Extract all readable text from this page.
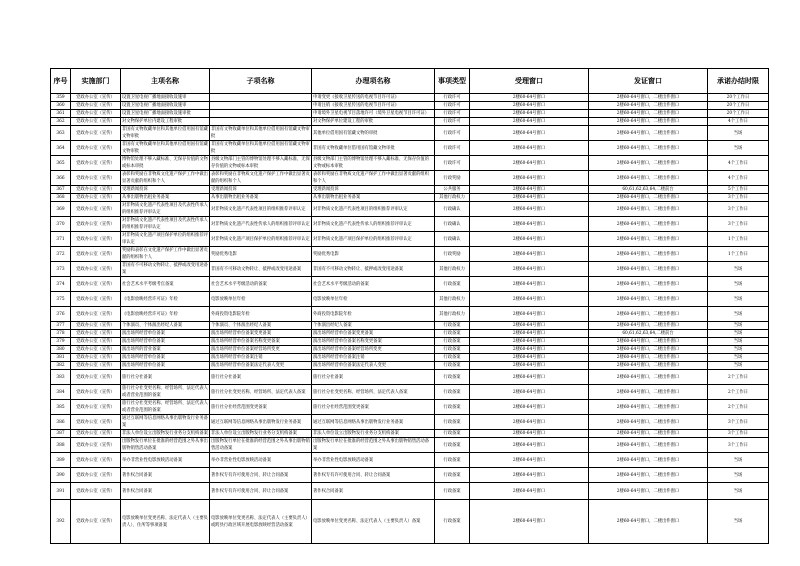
序号	实施部门	主项名称	子项名称	办理项名称	事项类型	受理窗口	发证窗口	承诺办结时限
359	党政办公室（宣传）	设置卫星电视广播地面接收设施审		申请变更《接收卫星传送的电视节目许可证》	行政许可	2楼60-64号窗口	2楼60-64号窗口，二楼出件窗口	20个工作日
360	党政办公室（宣传）	设置卫星电视广播地面接收设施审		申请注销《接收卫星传送的电视节目许可证》	行政许可	2楼60-64号窗口	2楼60-64号窗口，二楼出件窗口	20个工作日
361	党政办公室（宣传）	设置卫星电视广播地面接收设施审批		申请境外卫星电视节目落地许可（境外卫星电视节目许可证）	行政许可	2楼60-64号窗口	2楼60-64号窗口，二楼出件窗口	20个工作日
362	党政办公室（宣传）	对文物保护单位内建设工程审批		对文物保护单位建设工程的审批	行政许可	2楼60-64号窗口	2楼60-64号窗口，二楼出件窗口	4个工作日
363	党政办公室（宣传）	非国有文物收藏单位和其他单位借用国有馆藏文物审批	非国有文物收藏单位和其他单位借用国有馆藏文物审批	其他单位借用国有馆藏文物的审批	行政许可	2楼60-64号窗口	2楼60-64号窗口，二楼出件窗口	当场
364	党政办公室（宣传）	非国有文物收藏单位和其他单位借用国有馆藏文物审批	非国有文物收藏单位和其他单位借用国有馆藏文物审批	非国有文物收藏单位借用国有馆藏文物审批	行政许可	2楼60-64号窗口	2楼60-64号窗口，二楼出件窗口	当场
365	党政办公室（宣传）	博物馆处理不够入藏标准、无保存价值的文物或标本审批	县级文物部门主管的博物馆处理不够入藏标准、无保存价值的文物或标本审批	县级文物部门主管的博物馆处理不够入藏标准、无保存价值的文物或标本审批	行政许可	2楼60-64号窗口	2楼60-64号窗口，二楼出件窗口	4个工作日
366	党政办公室（宣传）	表彰和奖励在非物质文化遗产保护工作中做出显著贡献的组织和个人	表彰和奖励在非物质文化遗产保护工作中做出显著贡献的组织和个人	表彰和奖励在非物质文化遗产保护工作中做出显著贡献的组织和个人	行政奖励	2楼60-64号窗口	2楼60-64号窗口，二楼出件窗口	4个工作日
367	党政办公室（宣传）	受理新闻投诉	受理新闻投诉	受理新闻投诉	公共服务	2楼60-64号窗口	60,61,62,63,64,二楼前台	5个工作日
368	党政办公室（宣传）	从事出版物出租业务备案	从事出版物出租业务备案	从事出版物出租业务备案	其他行政权力	2楼60-64号窗口	2楼60-64号窗口，二楼出件窗口	3个工作日
369	党政办公室（宣传）	对非物质文化遗产代表性项目及代表性传承人的组织推荐评审认定	对非物质文化遗产代表性项目的组织推荐评审认定	对非物质文化遗产代表性项目的组织推荐评审认定	行政确认	2楼60-64号窗口	2楼60-64号窗口，二楼出件窗口	3个工作日
370	党政办公室（宣传）	对非物质文化遗产代表性项目及代表性传承人的组织推荐评审认定	对非物质文化遗产代表性传承人的组织推荐评审认定	对非物质文化遗产代表性传承人的组织推荐评审认定	行政确认	2楼60-64号窗口	2楼60-64号窗口，二楼出件窗口	3个工作日
371	党政办公室（宣传）	对非物质文化遗产项目保护单位的组织推荐评审认定	对非物质文化遗产项目保护单位的组织推荐评审认定	对非物质文化遗产项目保护单位的组织推荐评审认定	行政确认	2楼60-64号窗口	2楼60-64号窗口，二楼出件窗口	1个工作日
372	党政办公室（宣传）	奖励和表彰在文化遗产保护工作中做出显著贡献的组织和个人	奖励优秀电影	奖励优秀电影	行政奖励	2楼60-64号窗口	2楼60-64号窗口，二楼出件窗口	1个工作日
373	党政办公室（宣传）	非国有不可移动文物转让、抵押或改变用途备案	非国有不可移动文物转让、抵押或改变用途备案	非国有不可移动文物转让、抵押或改变用途备案	其他行政权力	2楼60-64号窗口	2楼60-64号窗口，二楼出件窗口	当场
374	党政办公室（宣传）	社会艺术水平考级考官备案	社会艺术水平考级活动的备案	社会艺术水平考级活动的备案	行政备案	2楼60-64号窗口	2楼60-64号窗口，二楼出件窗口	当场
375	党政办公室（宣传）	《电影放映经营许可证》年检	电影放映单位年检	电影放映单位年检	其他行政权力	2楼60-64号窗口	2楼60-64号窗口，二楼出件窗口	当场
376	党政办公室（宣传）	《电影放映经营许可证》年检	外商投资电影院年检	外商投资电影院年检	其他行政权力	2楼60-64号窗口	2楼60-64号窗口，二楼出件窗口	当场
377	党政办公室（宣传）	个体演员、个体演出经纪人备案	个体演员、个体演出经纪人备案	个体演出经纪人备案	行政备案	2楼60-64号窗口	2楼60-64号窗口，二楼出件窗口	当场
378	党政办公室（宣传）	演出场所经营单位备案	演出场所经营单位备案变更备案	演出场所经营单位备案变更备案	行政备案	2楼60-64号窗口	60,61,62,63,64,二楼前台	当场
379	党政办公室（宣传）	演出场所经营单位备案	演出场所经营单位备案名称变更备案	演出场所经营单位备案名称变更备案	行政备案	2楼60-64号窗口	2楼60-64号窗口，二楼出件窗口	当场
380	党政办公室（宣传）	演出场所的营业备案	演出场所经营单位备案经营场所变更	演出场所经营单位备案经营场所变更	行政备案	2楼60-64号窗口	2楼60-64号窗口，二楼出件窗口	当场
381	党政办公室（宣传）	演出场所经营单位备案	演出场所经营单位备案注销	演出场所经营单位备案注销	行政备案	2楼60-64号窗口	2楼60-64号窗口，二楼出件窗口	当场
382	党政办公室（宣传）	演出场所经营单位备案	演出场所经营单位备案法定代表人变更	演出场所经营单位备案法定代表人变更	行政备案	2楼60-64号窗口	2楼60-64号窗口，二楼出件窗口	当场
383	党政办公室（宣传）	旅行社分社备案	旅行社分社备案	旅行社分社备案	行政备案	2楼60-64号窗口	2楼60-64号窗口，二楼出件窗口	2个工作日
384	党政办公室（宣传）	旅行社分社变更名称、经营场所、法定代表人或者营业范围的备案	旅行社分社变更名称、经营场所、法定代表人备案	旅行社分社变更名称、经营场所、法定代表人备案	行政备案	2楼60-64号窗口	2楼60-64号窗口，二楼出件窗口	2个工作日
385	党政办公室（宣传）	旅行社分社变更名称、经营场所、法定代表人或者营业范围的备案	旅行社分社经营范围变更备案	旅行社分社经营范围变更备案	行政备案	2楼60-64号窗口	2楼60-64号窗口，二楼出件窗口	2个工作日
386	党政办公室（宣传）	通过互联网等信息网络从事出版物发行业务备案	通过互联网等信息网络从事出版物发行业务备案	通过互联网等信息网络从事出版物发行业务备案	行政备案	2楼60-64号窗口	2楼60-64号窗口，二楼出件窗口	3个工作日
387	党政办公室（宣传）	非法人单位设立出版物发行业务分支机构备案	非法人单位设立出版物发行业务分支机构备案	非法人单位设立出版物发行业务分支机构备案	行政备案	2楼60-64号窗口	2楼60-64号窗口，二楼出件窗口	3个工作日
388	党政办公室（宣传）	出版物发行单位在批准的经营范围之外从事出版物销售活动备案	出版物发行单位在批准的经营范围之外从事出版物销售活动备案	出版物发行单位在批准的经营范围之外从事出版物销售活动备案	行政备案	2楼60-64号窗口	2楼60-64号窗口，二楼出件窗口	3个工作日
389	党政办公室（宣传）	举办非营业性电影放映活动备案	举办非营业性电影放映活动备案	举办非营业性电影放映活动备案	行政备案	2楼60-64号窗口	2楼60-64号窗口，二楼出件窗口	当场
390	党政办公室（宣传）	著作权合同备案	著作权专有许可使用合同、转让合同备案	著作权专有许可使用合同、转让合同备案	行政备案	2楼60-64号窗口	2楼60-64号窗口，二楼出件窗口	当场
391	党政办公室（宣传）	著作权合同备案	著作权专有许可使用合同、转让合同备案	著作权合同备案	行政备案	2楼60-64号窗口	2楼60-64号窗口，二楼出件窗口	当场
392	党政办公室（宣传）	电影放映单位变更名称、法定代表人（主要负责人）、住所等事项备案	电影放映单位变更名称、法定代表人（主要负责人）或跨县行政区域开展电影放映经营活动备案	电影放映单位变更名称、法定代表人（主要负责人）备案	行政备案	2楼60-64号窗口	2楼60-64号窗口，二楼出件窗口	当场
